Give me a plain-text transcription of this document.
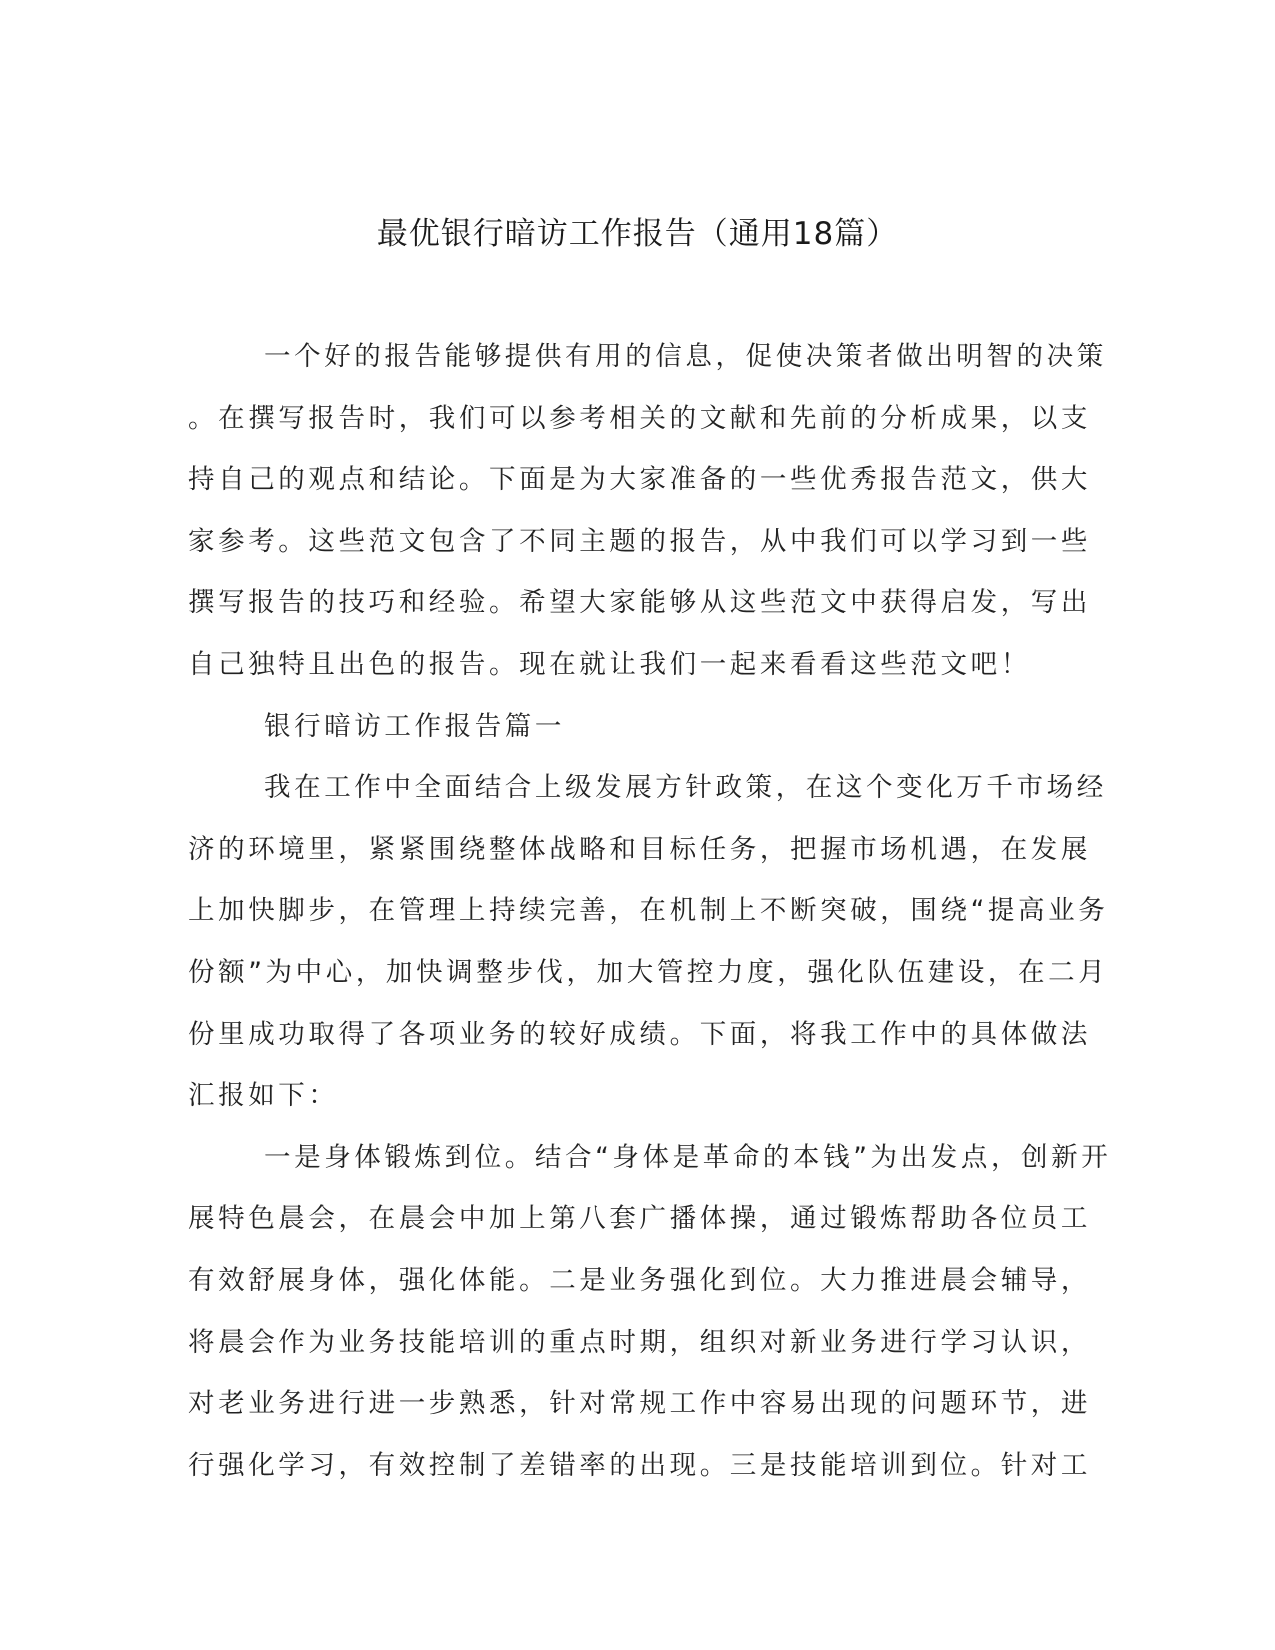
最优银行暗访工作报告（通用18篇）
一个好的报告能够提供有用的信息，促使决策者做出明智的决策
。在撰写报告时，我们可以参考相关的文献和先前的分析成果，以支
持自己的观点和结论。下面是为大家准备的一些优秀报告范文，供大
家参考。这些范文包含了不同主题的报告，从中我们可以学习到一些
撰写报告的技巧和经验。希望大家能够从这些范文中获得启发，写出
自己独特且出色的报告。现在就让我们一起来看看这些范文吧！
银行暗访工作报告篇一
我在工作中全面结合上级发展方针政策，在这个变化万千市场经
济的环境里，紧紧围绕整体战略和目标任务，把握市场机遇，在发展
上加快脚步，在管理上持续完善，在机制上不断突破，围绕“提高业务
份额”为中心，加快调整步伐，加大管控力度，强化队伍建设，在二月
份里成功取得了各项业务的较好成绩。下面，将我工作中的具体做法
汇报如下：
一是身体锻炼到位。结合“身体是革命的本钱”为出发点，创新开
展特色晨会，在晨会中加上第八套广播体操，通过锻炼帮助各位员工
有效舒展身体，强化体能。二是业务强化到位。大力推进晨会辅导，
将晨会作为业务技能培训的重点时期，组织对新业务进行学习认识，
对老业务进行进一步熟悉，针对常规工作中容易出现的问题环节，进
行强化学习，有效控制了差错率的出现。三是技能培训到位。针对工
